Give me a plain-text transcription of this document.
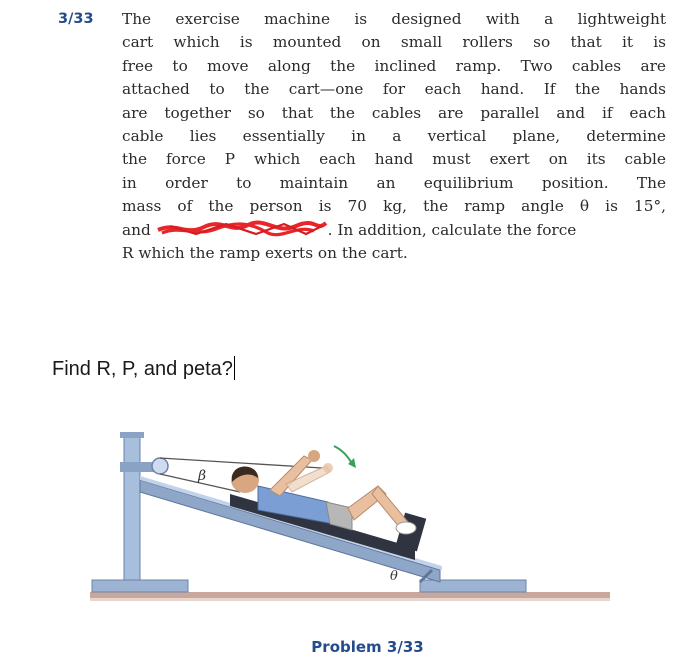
3/33 The exercise machine is designed with a lightweight
cart which is mounted on small rollers so that it is
free to move along the inclined ramp. Two cables are
attached to the cart—one for each hand. If the hands
are together so that the cables are parallel and if each
cable lies essentially in a vertical plane, determine
the force P which each hand must exert on its cable
in order to maintain an equilibrium position. The
mass of the person is 70 kg, the ramp angle θ is 15°,
and	. In addition, calculate the force
R which the ramp exerts on the cart.
Find R, P, and peta?
β
θ
Problem 3/33
